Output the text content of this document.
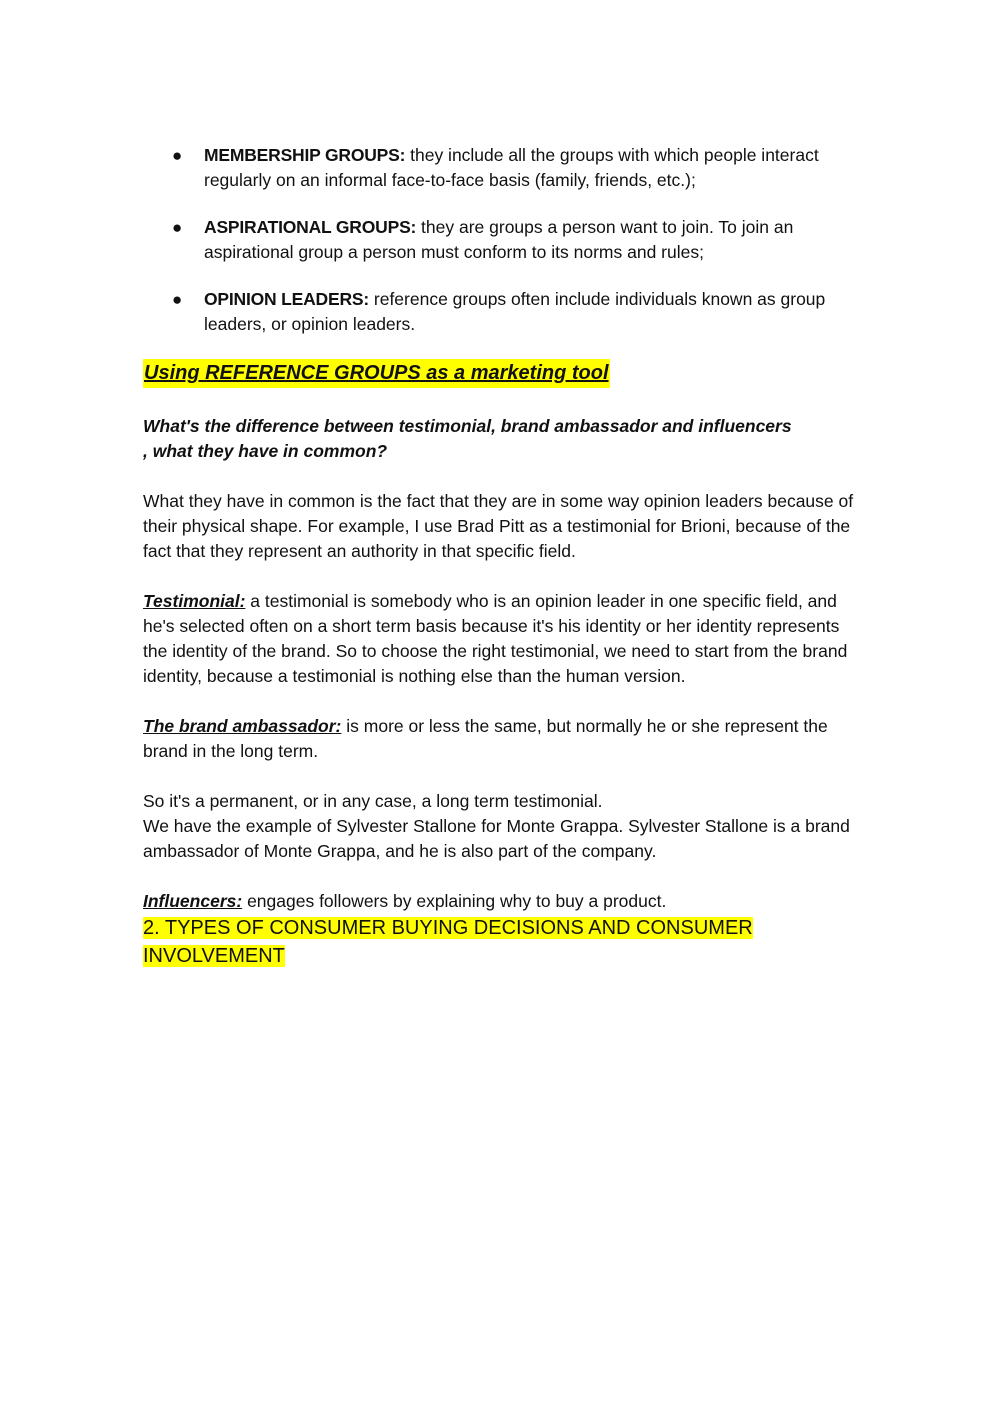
● MEMBERSHIP GROUPS: they include all the groups with which people interact regularly on an informal face-to-face basis (family, friends, etc.);
● ASPIRATIONAL GROUPS: they are groups a person want to join. To join an aspirational group a person must conform to its norms and rules;
● OPINION LEADERS: reference groups often include individuals known as group leaders, or opinion leaders.
Using REFERENCE GROUPS as a marketing tool
What's the difference between testimonial, brand ambassador and influencers
, what they have in common?

What they have in common is the fact that they are in some way opinion leaders because of their physical shape. For example, I use Brad Pitt as a testimonial for Brioni, because of the fact that they represent an authority in that specific field.

Testimonial: a testimonial is somebody who is an opinion leader in one specific field, and he's selected often on a short term basis because it's his identity or her identity represents the identity of the brand. So to choose the right testimonial, we need to start from the brand identity, because a testimonial is nothing else than the human version.

The brand ambassador: is more or less the same, but normally he or she represent the brand in the long term.

So it's a permanent, or in any case, a long term testimonial.

We have the example of Sylvester Stallone for Monte Grappa. Sylvester Stallone is a brand ambassador of Monte Grappa, and he is also part of the company.

Influencers: engages followers by explaining why to buy a product.

2. TYPES OF CONSUMER BUYING DECISIONS AND CONSUMER
INVOLVEMENT
